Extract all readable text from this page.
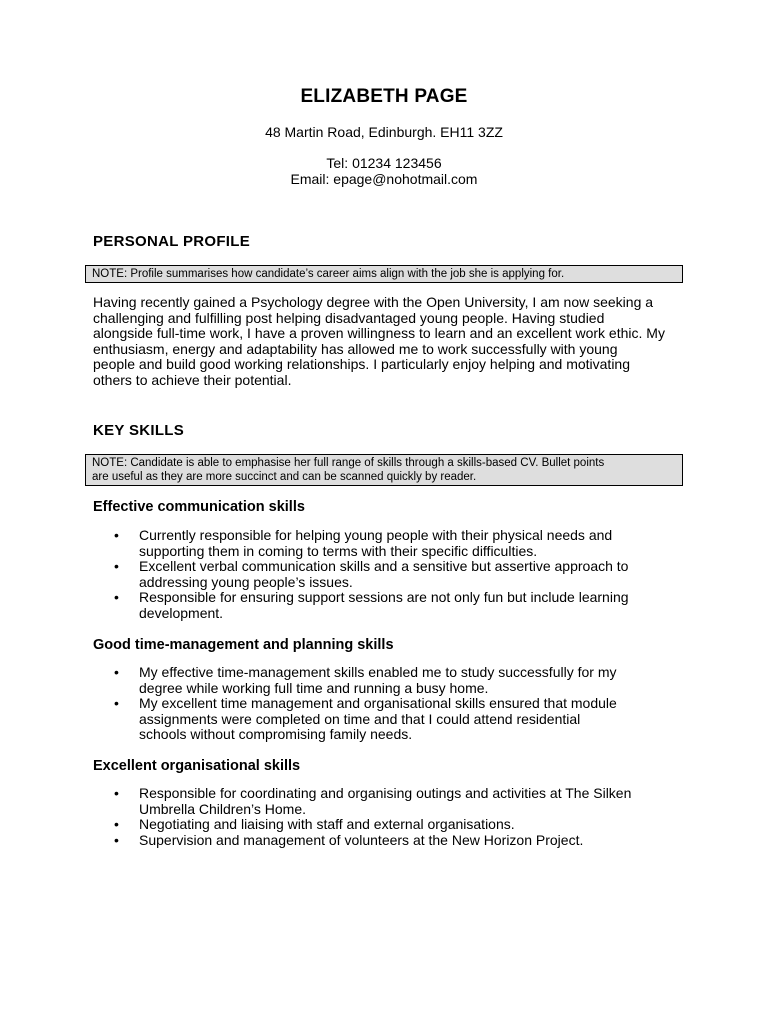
ELIZABETH PAGE
48 Martin Road, Edinburgh. EH11 3ZZ
Tel: 01234 123456
Email: epage@nohotmail.com
PERSONAL PROFILE
NOTE: Profile summarises how candidate’s career aims align with the job she is applying for.
Having recently gained a Psychology degree with the Open University, I am now seeking a
challenging and fulfilling post helping disadvantaged young people. Having studied
alongside full-time work, I have a proven willingness to learn and an excellent work ethic. My
enthusiasm, energy and adaptability has allowed me to work successfully with young
people and build good working relationships. I particularly enjoy helping and motivating
others to achieve their potential.
KEY SKILLS
NOTE: Candidate is able to emphasise her full range of skills through a skills-based CV. Bullet points
are useful as they are more succinct and can be scanned quickly by reader.
Effective communication skills
• Currently responsible for helping young people with their physical needs and
supporting them in coming to terms with their specific difficulties.
• Excellent verbal communication skills and a sensitive but assertive approach to
addressing young people’s issues.
• Responsible for ensuring support sessions are not only fun but include learning
development.
Good time-management and planning skills
• My effective time-management skills enabled me to study successfully for my
degree while working full time and running a busy home.
• My excellent time management and organisational skills ensured that module
assignments were completed on time and that I could attend residential
schools without compromising family needs.
Excellent organisational skills
• Responsible for coordinating and organising outings and activities at The Silken
Umbrella Children’s Home.
• Negotiating and liaising with staff and external organisations.
• Supervision and management of volunteers at the New Horizon Project.
